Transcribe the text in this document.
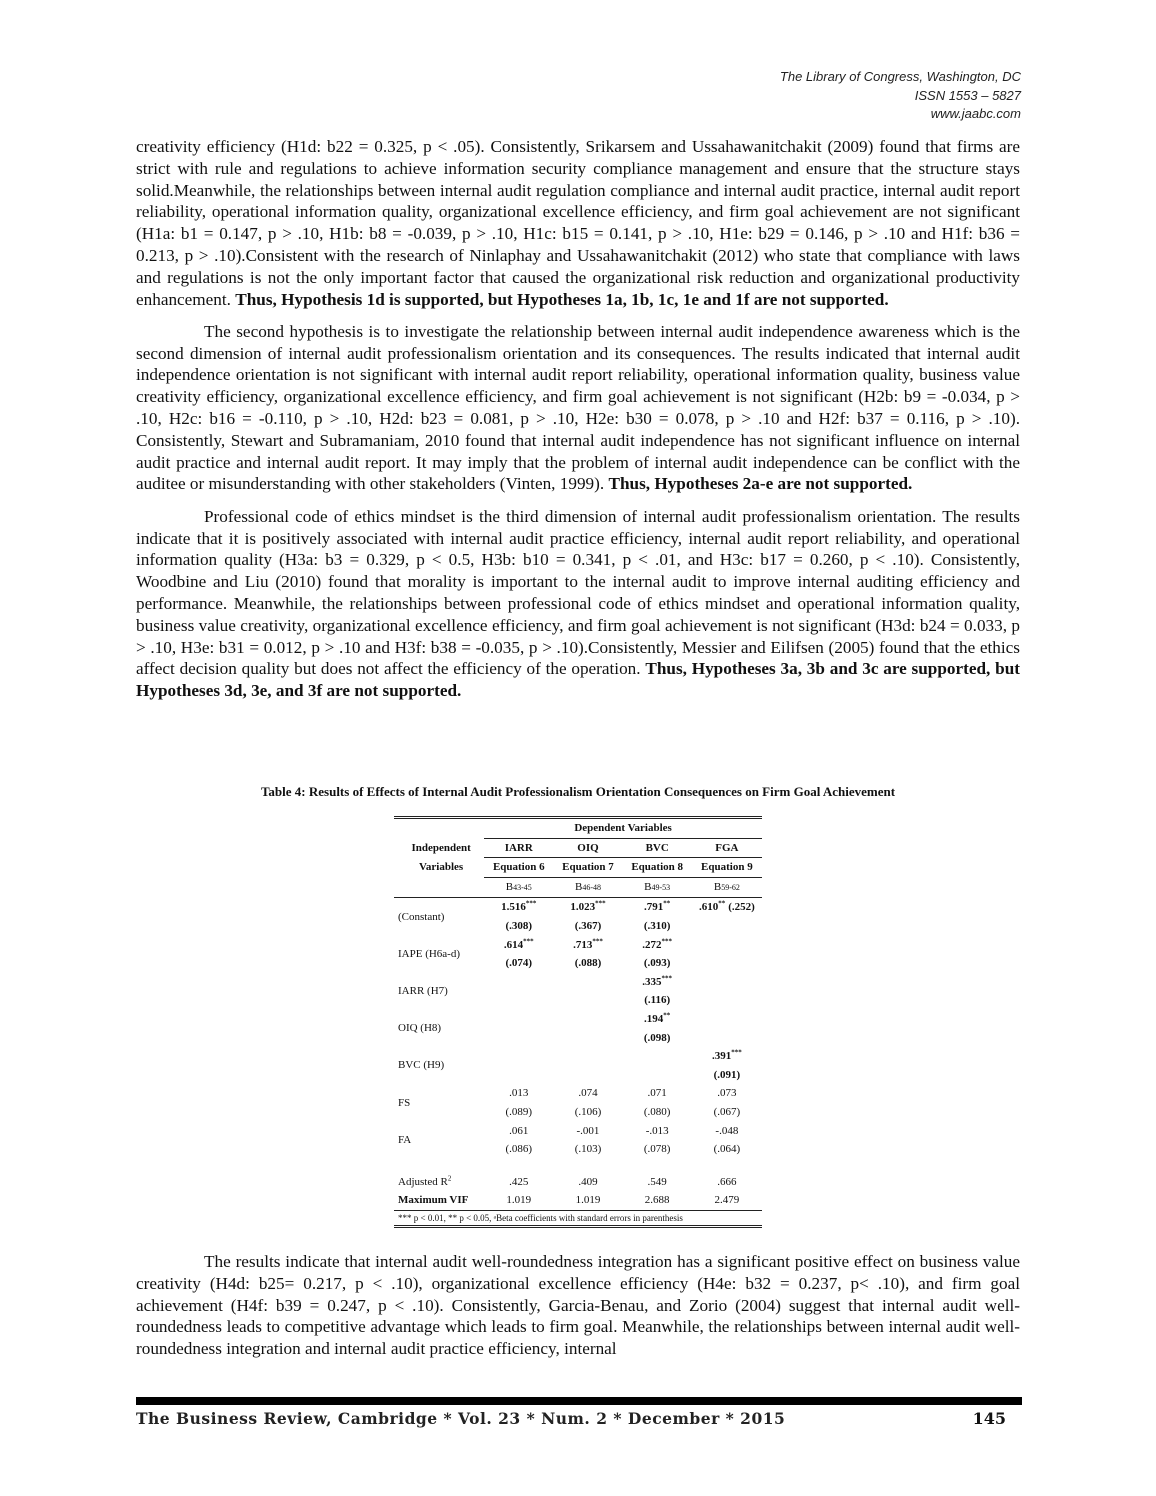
The Library of Congress, Washington, DC
ISSN 1553 – 5827
www.jaabc.com

creativity efficiency (H1d: b22 = 0.325, p < .05). Consistently, Srikarsem and Ussahawanitchakit (2009) found that firms are strict with rule and regulations to achieve information security compliance management and ensure that the structure stays solid.Meanwhile, the relationships between internal audit regulation compliance and internal audit practice, internal audit report reliability, operational information quality, organizational excellence efficiency, and firm goal achievement are not significant (H1a: b1 = 0.147, p > .10, H1b: b8 = -0.039, p > .10, H1c: b15 = 0.141, p > .10, H1e: b29 = 0.146, p > .10 and H1f: b36 = 0.213, p > .10).Consistent with the research of Ninlaphay and Ussahawanitchakit (2012) who state that compliance with laws and regulations is not the only important factor that caused the organizational risk reduction and organizational productivity enhancement. Thus, Hypothesis 1d is supported, but Hypotheses 1a, 1b, 1c, 1e and 1f are not supported.

The second hypothesis is to investigate the relationship between internal audit independence awareness which is the second dimension of internal audit professionalism orientation and its consequences. The results indicated that internal audit independence orientation is not significant with internal audit report reliability, operational information quality, business value creativity efficiency, organizational excellence efficiency, and firm goal achievement is not significant (H2b: b9 = -0.034, p > .10, H2c: b16 = -0.110, p > .10, H2d: b23 = 0.081, p > .10, H2e: b30 = 0.078, p > .10 and H2f: b37 = 0.116, p > .10). Consistently, Stewart and Subramaniam, 2010 found that internal audit independence has not significant influence on internal audit practice and internal audit report. It may imply that the problem of internal audit independence can be conflict with the auditee or misunderstanding with other stakeholders (Vinten, 1999). Thus, Hypotheses 2a-e are not supported.

Professional code of ethics mindset is the third dimension of internal audit professionalism orientation. The results indicate that it is positively associated with internal audit practice efficiency, internal audit report reliability, and operational information quality (H3a: b3 = 0.329, p < 0.5, H3b: b10 = 0.341, p < .01, and H3c: b17 = 0.260, p < .10). Consistently, Woodbine and Liu (2010) found that morality is important to the internal audit to improve internal auditing efficiency and performance. Meanwhile, the relationships between professional code of ethics mindset and operational information quality, business value creativity, organizational excellence efficiency, and firm goal achievement is not significant (H3d: b24 = 0.033, p > .10, H3e: b31 = 0.012, p > .10 and H3f: b38 = -0.035, p > .10).Consistently, Messier and Eilifsen (2005) found that the ethics affect decision quality but does not affect the efficiency of the operation. Thus, Hypotheses 3a, 3b and 3c are supported, but Hypotheses 3d, 3e, and 3f are not supported.

Table 4: Results of Effects of Internal Audit Professionalism Orientation Consequences on Firm Goal Achievement
	Dependent Variables			
Independent	IARR	OIQ	BVC	FGA
Variables	Equation 6	Equation 7	Equation 8	Equation 9
	B43-45	B46-48	B49-53	B59-62
(Constant)	1.516***	1.023***	.791**	.610** (.252)
	(.308)	(.367)	(.310)	
IAPE (H6a-d)	.614***	.713***	.272***	
	(.074)	(.088)	(.093)	
IARR (H7)			.335***	
			(.116)	
OIQ (H8)			.194**	
			(.098)	
BVC (H9)				.391***
				(.091)
FS	.013	.074	.071	.073
	(.089)	(.106)	(.080)	(.067)
FA	.061	-.001	-.013	-.048
	(.086)	(.103)	(.078)	(.064)

Adjusted $R^2$	.425	.409	.549	.666
Maximum VIF	1.019	1.019	2.688	2.479
*** p < 0.01, ** p < 0.05, ᵃBeta coefficients with standard errors in parenthesis				

The results indicate that internal audit well-roundedness integration has a significant positive effect on business value creativity (H4d: b25= 0.217, p < .10), organizational excellence efficiency (H4e: b32 = 0.237, p< .10), and firm goal achievement (H4f: b39 = 0.247, p < .10). Consistently, Garcia-Benau, and Zorio (2004) suggest that internal audit well-roundedness leads to competitive advantage which leads to firm goal. Meanwhile, the relationships between internal audit well-roundedness integration and internal audit practice efficiency, internal

The Business Review, Cambridge * Vol. 23 * Num. 2 * December * 2015	145
